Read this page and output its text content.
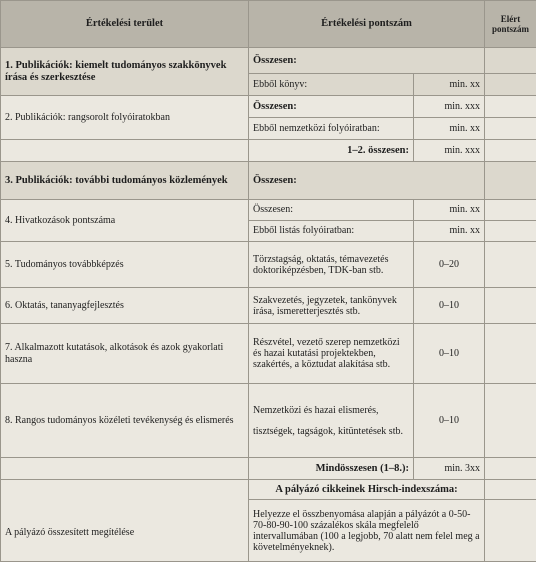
Értékelési terület	Értékelési pontszám		Elért pontszám
1. Publikációk: kiemelt tudományos szakkönyvek írása és szerkesztése	Összesen:		
	Ebből könyv:	min. xx	
2. Publikációk: rangsorolt folyóiratokban	Összesen:	min. xxx	
	Ebből nemzetközi folyóiratban:	min. xx	
	1–2. összesen:	min. xxx	
3. Publikációk: további tudományos közlemények	Összesen:		
4. Hivatkozások pontszáma	Összesen:	min. xx	
	Ebből listás folyóiratban:	min. xx	
5. Tudományos továbbképzés	Törzstagság, oktatás, témavezetés doktoriképzésben, TDK-ban stb.	0–20	
6. Oktatás, tananyagfejlesztés	Szakvezetés, jegyzetek, tankönyvek írása, ismeretterjesztés stb.	0–10	
7. Alkalmazott kutatások, alkotások és azok gyakorlati haszna	Részvétel, vezető szerep nemzetközi és hazai kutatási projektekben, szakértés, a köztudat alakítása stb.	0–10	
8. Rangos tudományos közéleti tevékenység és elismerés	Nemzetközi és hazai elismerés, tisztségek, tagságok, kitüntetések stb.	0–10	
	Mindösszesen (1–8.):	min. 3xx	
A pályázó összesített megítélése	A pályázó cikkeinek Hirsch-indexszáma:		
	Helyezze el összbenyomása alapján a pályázót a 0-50-70-80-90-100 százalékos skála megfelelő intervallumában (100 a legjobb, 70 alatt nem felel meg a követelményeknek).		
